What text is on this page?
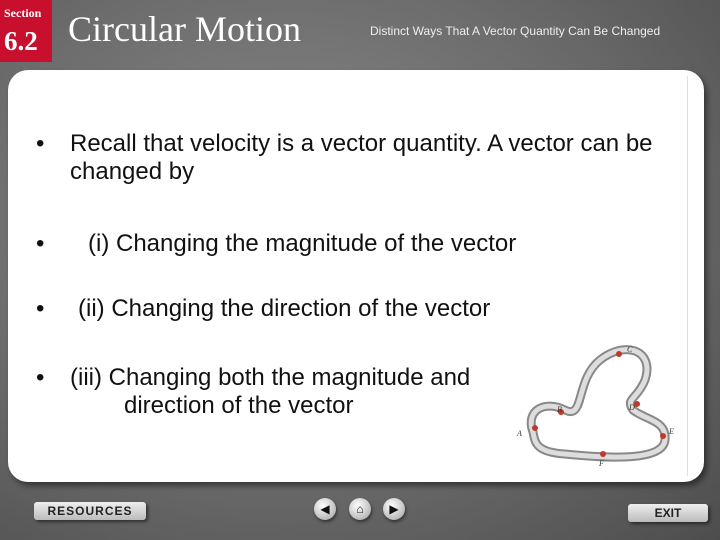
Section
6.2 Circular Motion	Distinct Ways That A Vector Quantity Can Be Changed
• Recall that velocity is a vector quantity. A vector can be changed by
• (i) Changing the magnitude of the vector
• (ii) Changing the direction of the vector
• (iii) Changing both the magnitude and
direction of the vector
A
B
C
D
E
F
RESOURCES	◀	⌂	▶	EXIT
